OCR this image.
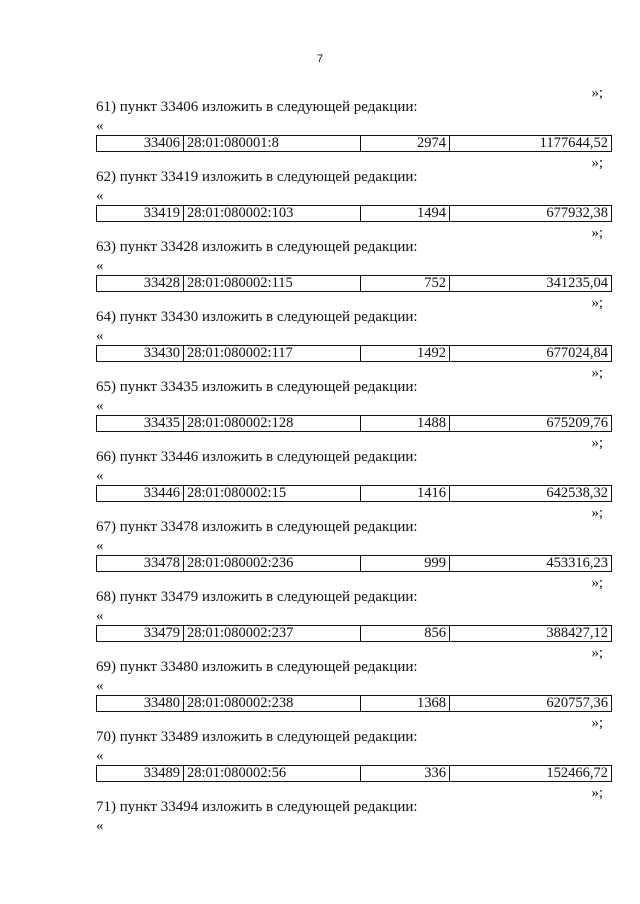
7
»;
61) пункт 33406 изложить в следующей редакции:
«
33406	28:01:080001:8	2974	1177644,52
»;
62) пункт 33419 изложить в следующей редакции:
«
33419	28:01:080002:103	1494	677932,38
»;
63) пункт 33428 изложить в следующей редакции:
«
33428	28:01:080002:115	752	341235,04
»;
64) пункт 33430 изложить в следующей редакции:
«
33430	28:01:080002:117	1492	677024,84
»;
65) пункт 33435 изложить в следующей редакции:
«
33435	28:01:080002:128	1488	675209,76
»;
66) пункт 33446 изложить в следующей редакции:
«
33446	28:01:080002:15	1416	642538,32
»;
67) пункт 33478 изложить в следующей редакции:
«
33478	28:01:080002:236	999	453316,23
»;
68) пункт 33479 изложить в следующей редакции:
«
33479	28:01:080002:237	856	388427,12
»;
69) пункт 33480 изложить в следующей редакции:
«
33480	28:01:080002:238	1368	620757,36
»;
70) пункт 33489 изложить в следующей редакции:
«
33489	28:01:080002:56	336	152466,72
»;
71) пункт 33494 изложить в следующей редакции:
«
